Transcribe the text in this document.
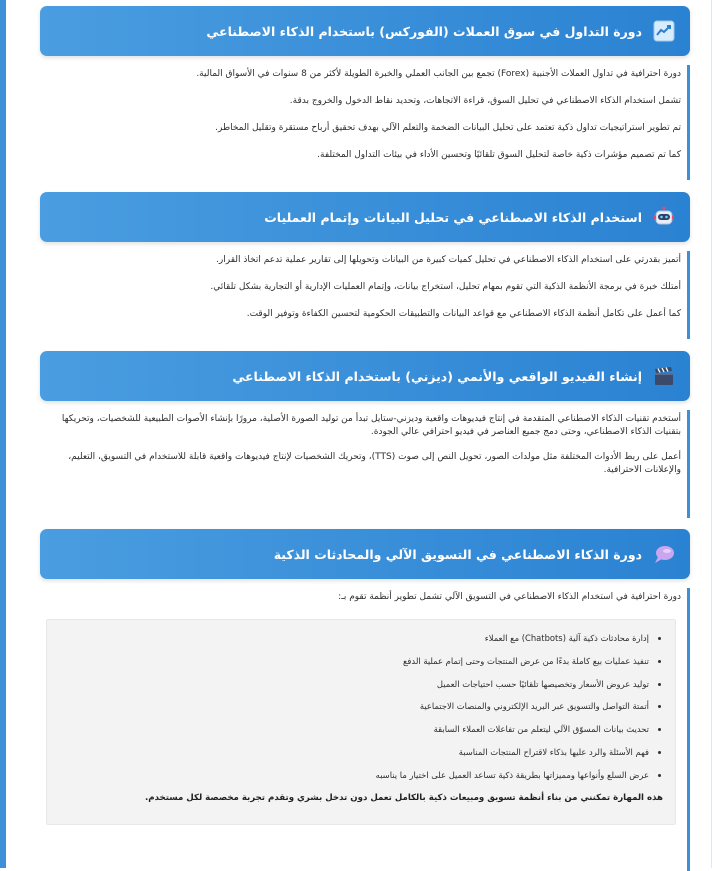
دورة التداول في سوق العملات (الفوركس) باستخدام الذكاء الاصطناعي

دورة احترافية في تداول العملات الأجنبية (Forex) تجمع بين الجانب العملي والخبرة الطويلة لأكثر من 8 سنوات في الأسواق المالية.

تشمل استخدام الذكاء الاصطناعي في تحليل السوق، قراءة الاتجاهات، وتحديد نقاط الدخول والخروج بدقة.

تم تطوير استراتيجيات تداول ذكية تعتمد على تحليل البيانات الضخمة والتعلم الآلي بهدف تحقيق أرباح مستقرة وتقليل المخاطر.

كما تم تصميم مؤشرات ذكية خاصة لتحليل السوق تلقائيًا وتحسين الأداء في بيئات التداول المختلفة.

استخدام الذكاء الاصطناعي في تحليل البيانات وإتمام العمليات

أتميز بقدرتي على استخدام الذكاء الاصطناعي في تحليل كميات كبيرة من البيانات وتحويلها إلى تقارير عملية تدعم اتخاذ القرار.

أمتلك خبرة في برمجة الأنظمة الذكية التي تقوم بمهام تحليل، استخراج بيانات، وإتمام العمليات الإدارية أو التجارية بشكل تلقائي.

كما أعمل على تكامل أنظمة الذكاء الاصطناعي مع قواعد البيانات والتطبيقات الحكومية لتحسين الكفاءة وتوفير الوقت.

إنشاء الفيديو الواقعي والأنمي (ديزني) باستخدام الذكاء الاصطناعي

أستخدم تقنيات الذكاء الاصطناعي المتقدمة في إنتاج فيديوهات واقعية وديزني-ستايل تبدأ من توليد الصورة الأصلية، مرورًا بإنشاء الأصوات الطبيعية للشخصيات، وتحريكها بتقنيات الذكاء الاصطناعي، وحتى دمج جميع العناصر في فيديو احترافي عالي الجودة.

أعمل على ربط الأدوات المختلفة مثل مولدات الصور، تحويل النص إلى صوت (TTS)، وتحريك الشخصيات لإنتاج فيديوهات واقعية قابلة للاستخدام في التسويق، التعليم، والإعلانات الاحترافية.

دورة الذكاء الاصطناعي في التسويق الآلي والمحادثات الذكية

دورة احترافية في استخدام الذكاء الاصطناعي في التسويق الآلي تشمل تطوير أنظمة تقوم بـ:

• إدارة محادثات ذكية آلية (Chatbots) مع العملاء
• تنفيذ عمليات بيع كاملة بدءًا من عرض المنتجات وحتى إتمام عملية الدفع
• توليد عروض الأسعار وتخصيصها تلقائيًا حسب احتياجات العميل
• أتمتة التواصل والتسويق عبر البريد الإلكتروني والمنصات الاجتماعية
• تحديث بيانات المسوّق الآلي ليتعلم من تفاعلات العملاء السابقة
• فهم الأسئلة والرد عليها بذكاء لاقتراح المنتجات المناسبة
• عرض السلع وأنواعها ومميزاتها بطريقة ذكية تساعد العميل على اختيار ما يناسبه

هذه المهارة تمكنني من بناء أنظمة تسويق ومبيعات ذكية بالكامل تعمل دون تدخل بشري وتقدم تجربة مخصصة لكل مستخدم.
